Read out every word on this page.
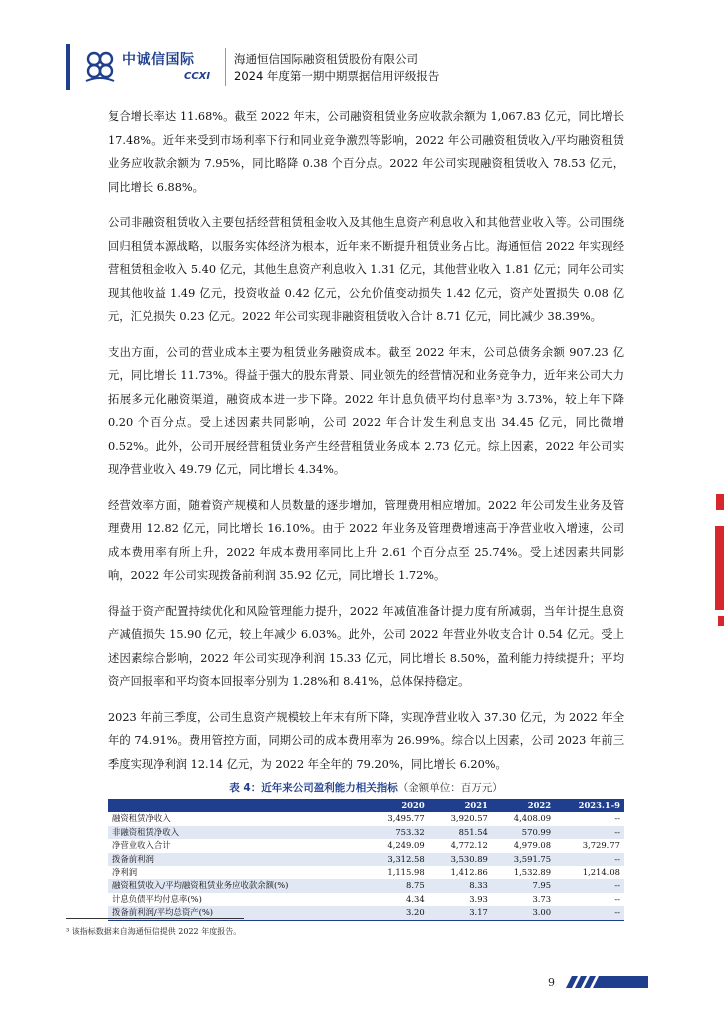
中诚信国际
CCXI
海通恒信国际融资租赁股份有限公司
2024 年度第一期中期票据信用评级报告

复合增长率达 11.68%。截至 2022 年末，公司融资租赁业务应收款余额为 1,067.83 亿元，同比增长 17.48%。近年来受到市场利率下行和同业竞争激烈等影响，2022 年公司融资租赁收入/平均融资租赁业务应收款余额为 7.95%，同比略降 0.38 个百分点。2022 年公司实现融资租赁收入 78.53 亿元，同比增长 6.88%。

公司非融资租赁收入主要包括经营租赁租金收入及其他生息资产利息收入和其他营业收入等。公司围绕回归租赁本源战略，以服务实体经济为根本，近年来不断提升租赁业务占比。海通恒信 2022 年实现经营租赁租金收入 5.40 亿元，其他生息资产利息收入 1.31 亿元，其他营业收入 1.81 亿元；同年公司实现其他收益 1.49 亿元，投资收益 0.42 亿元，公允价值变动损失 1.42 亿元，资产处置损失 0.08 亿元，汇兑损失 0.23 亿元。2022 年公司实现非融资租赁收入合计 8.71 亿元，同比减少 38.39%。

支出方面，公司的营业成本主要为租赁业务融资成本。截至 2022 年末，公司总债务余额 907.23 亿元，同比增长 11.73%。得益于强大的股东背景、同业领先的经营情况和业务竞争力，近年来公司大力拓展多元化融资渠道，融资成本进一步下降。2022 年计息负债平均付息率³为 3.73%，较上年下降 0.20 个百分点。受上述因素共同影响，公司 2022 年合计发生利息支出 34.45 亿元，同比微增 0.52%。此外，公司开展经营租赁业务产生经营租赁业务成本 2.73 亿元。综上因素，2022 年公司实现净营业收入 49.79 亿元，同比增长 4.34%。

经营效率方面，随着资产规模和人员数量的逐步增加，管理费用相应增加。2022 年公司发生业务及管理费用 12.82 亿元，同比增长 16.10%。由于 2022 年业务及管理费增速高于净营业收入增速，公司成本费用率有所上升，2022 年成本费用率同比上升 2.61 个百分点至 25.74%。受上述因素共同影响，2022 年公司实现拨备前利润 35.92 亿元，同比增长 1.72%。

得益于资产配置持续优化和风险管理能力提升，2022 年减值准备计提力度有所减弱，当年计提生息资产减值损失 15.90 亿元，较上年减少 6.03%。此外，公司 2022 年营业外收支合计 0.54 亿元。受上述因素综合影响，2022 年公司实现净利润 15.33 亿元，同比增长 8.50%，盈利能力持续提升；平均资产回报率和平均资本回报率分别为 1.28%和 8.41%，总体保持稳定。

2023 年前三季度，公司生息资产规模较上年末有所下降，实现净营业收入 37.30 亿元，为 2022 年全年的 74.91%。费用管控方面，同期公司的成本费用率为 26.99%。综合以上因素，公司 2023 年前三季度实现净利润 12.14 亿元，为 2022 年全年的 79.20%，同比增长 6.20%。

表 4：近年来公司盈利能力相关指标（金额单位：百万元）
	2020	2021	2022	2023.1-9
融资租赁净收入	3,495.77	3,920.57	4,408.09	--
非融资租赁净收入	753.32	851.54	570.99	--
净营业收入合计	4,249.09	4,772.12	4,979.08	3,729.77
拨备前利润	3,312.58	3,530.89	3,591.75	--
净利润	1,115.98	1,412.86	1,532.89	1,214.08
融资租赁收入/平均融资租赁业务应收款余额(%)	8.75	8.33	7.95	--
计息负债平均付息率(%)	4.34	3.93	3.73	--
拨备前利润/平均总资产(%)	3.20	3.17	3.00	--
³ 该指标数据来自海通恒信提供 2022 年度报告。
9
